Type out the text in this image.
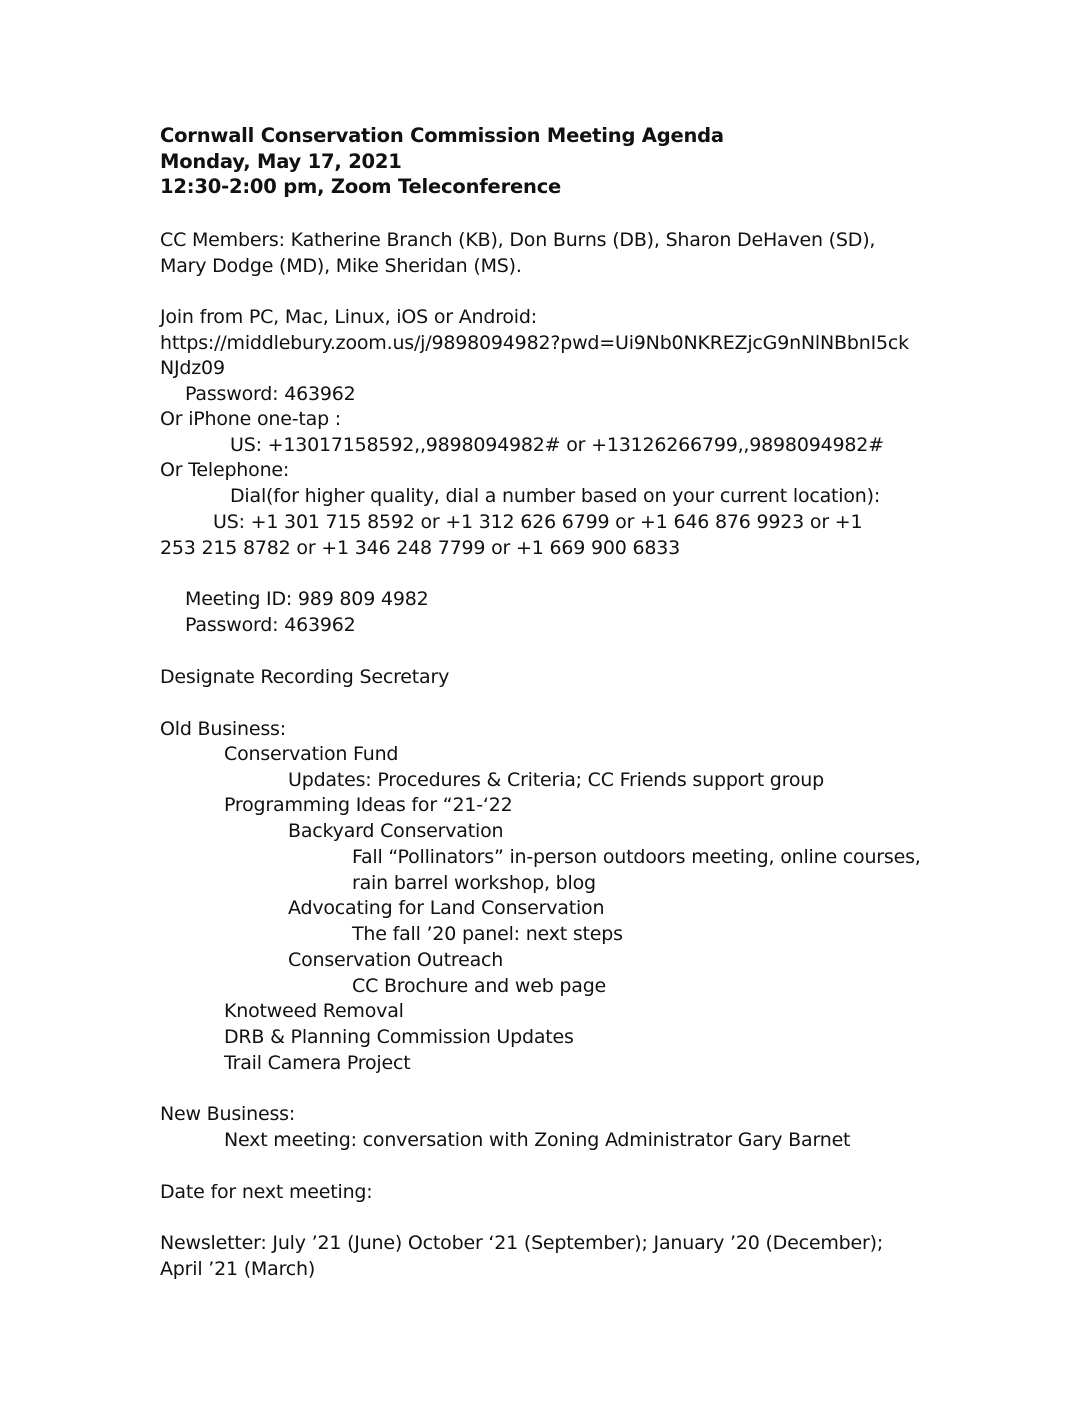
Cornwall Conservation Commission Meeting Agenda
Monday, May 17, 2021
12:30-2:00 pm, Zoom Teleconference
CC Members: Katherine Branch (KB), Don Burns (DB), Sharon DeHaven (SD),
Mary Dodge (MD), Mike Sheridan (MS).
Join from PC, Mac, Linux, iOS or Android:
https://middlebury.zoom.us/j/9898094982?pwd=Ui9Nb0NKREZjcG9nNlNBbnI5ck
NJdz09
Password: 463962
Or iPhone one-tap :
US: +13017158592,,9898094982# or +13126266799,,9898094982#
Or Telephone:
Dial(for higher quality, dial a number based on your current location):
US: +1 301 715 8592 or +1 312 626 6799 or +1 646 876 9923 or +1
253 215 8782 or +1 346 248 7799 or +1 669 900 6833
Meeting ID: 989 809 4982
Password: 463962
Designate Recording Secretary
Old Business:
Conservation Fund
Updates: Procedures & Criteria; CC Friends support group
Programming Ideas for “21-‘22
Backyard Conservation
Fall “Pollinators” in-person outdoors meeting, online courses,
rain barrel workshop, blog
Advocating for Land Conservation
The fall ’20 panel: next steps
Conservation Outreach
CC Brochure and web page
Knotweed Removal
DRB & Planning Commission Updates
Trail Camera Project
New Business:
Next meeting: conversation with Zoning Administrator Gary Barnet
Date for next meeting:
Newsletter: July ’21 (June) October ‘21 (September); January ’20 (December);
April ’21 (March)
